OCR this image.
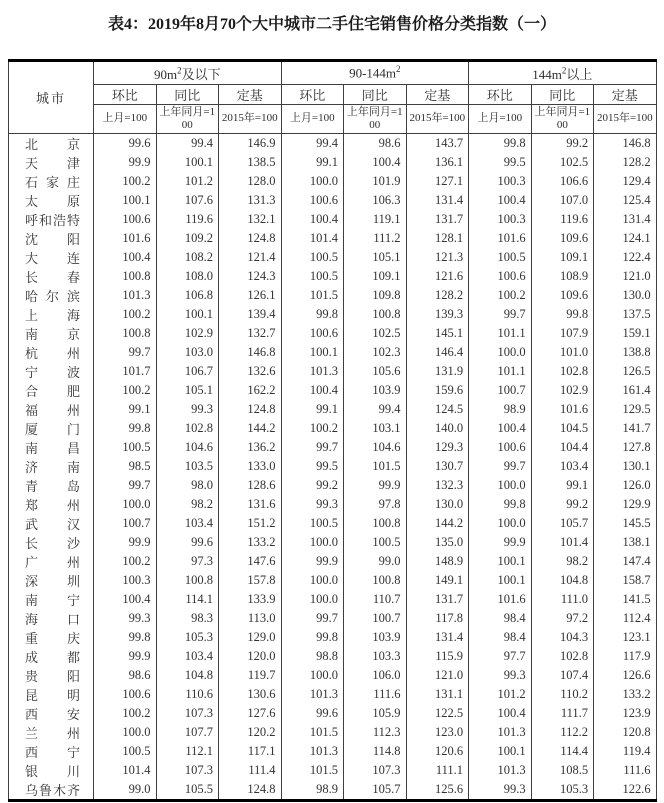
表4：2019年8月70个大中城市二手住宅销售价格分类指数（一）
城市	$90m^2$及以下			$90-144m^2$			$144m^2$以上		
	环比	同比	定基	环比	同比	定基	环比	同比	定基
	上月=100	上年同月=100	2015年=100	上月=100	上年同月=100	2015年=100	上月=100	上年同月=100	2015年=100
北京	99.6	99.4	146.9	99.4	98.6	143.7	99.8	99.2	146.8
天津	99.9	100.1	138.5	99.1	100.4	136.1	99.5	102.5	128.2
石家庄	100.2	101.2	128.0	100.0	101.9	127.1	100.3	106.6	129.4
太原	100.1	107.6	131.3	100.6	106.3	131.4	100.4	107.0	125.4
呼和浩特	100.6	119.6	132.1	100.4	119.1	131.7	100.3	119.6	131.4
沈阳	101.6	109.2	124.8	101.4	111.2	128.1	101.6	109.6	124.1
大连	100.4	108.2	121.4	100.5	105.1	121.3	100.5	109.1	122.4
长春	100.8	108.0	124.3	100.5	109.1	121.6	100.6	108.9	121.0
哈尔滨	101.3	106.8	126.1	101.5	109.8	128.2	100.2	109.6	130.0
上海	100.2	100.1	139.4	99.8	100.8	139.3	99.7	99.8	137.5
南京	100.8	102.9	132.7	100.6	102.5	145.1	101.1	107.9	159.1
杭州	99.7	103.0	146.8	100.1	102.3	146.4	100.0	101.0	138.8
宁波	101.7	106.7	132.6	101.3	105.6	131.9	101.1	102.8	126.5
合肥	100.2	105.1	162.2	100.4	103.9	159.6	100.7	102.9	161.4
福州	99.1	99.3	124.8	99.1	99.4	124.5	98.9	101.6	129.5
厦门	99.8	102.8	144.2	100.2	103.1	140.0	100.4	104.5	141.7
南昌	100.5	104.6	136.2	99.7	104.6	129.3	100.6	104.4	127.8
济南	98.5	103.5	133.0	99.5	101.5	130.7	99.7	103.4	130.1
青岛	99.7	98.0	128.6	99.2	99.9	132.3	100.0	99.1	126.0
郑州	100.0	98.2	131.6	99.3	97.8	130.0	99.8	99.2	129.9
武汉	100.7	103.4	151.2	100.5	100.8	144.2	100.0	105.7	145.5
长沙	99.9	99.6	133.2	100.0	100.5	135.0	99.9	101.4	138.1
广州	100.2	97.3	147.6	99.9	99.0	148.9	100.1	98.2	147.4
深圳	100.3	100.8	157.8	100.0	100.8	149.1	100.1	104.8	158.7
南宁	100.4	114.1	133.9	100.0	110.7	131.7	101.6	111.0	141.5
海口	99.3	98.3	113.0	99.7	100.7	117.8	98.4	97.2	112.4
重庆	99.8	105.3	129.0	99.8	103.9	131.4	98.4	104.3	123.1
成都	99.9	103.4	120.0	98.8	103.3	115.9	97.7	102.8	117.9
贵阳	98.6	104.8	119.7	100.0	106.0	121.0	99.3	107.4	126.6
昆明	100.6	110.6	130.6	101.3	111.6	131.1	101.2	110.2	133.2
西安	100.2	107.3	127.6	99.6	105.9	122.5	100.4	111.7	123.9
兰州	100.0	107.7	120.2	101.5	112.3	123.0	101.3	112.2	120.8
西宁	100.5	112.1	117.1	101.3	114.8	120.6	100.1	114.4	119.4
银川	101.4	107.3	111.4	101.5	107.3	111.1	101.3	108.5	111.6
乌鲁木齐	99.0	105.5	124.8	98.9	105.7	125.6	99.3	105.3	122.6
